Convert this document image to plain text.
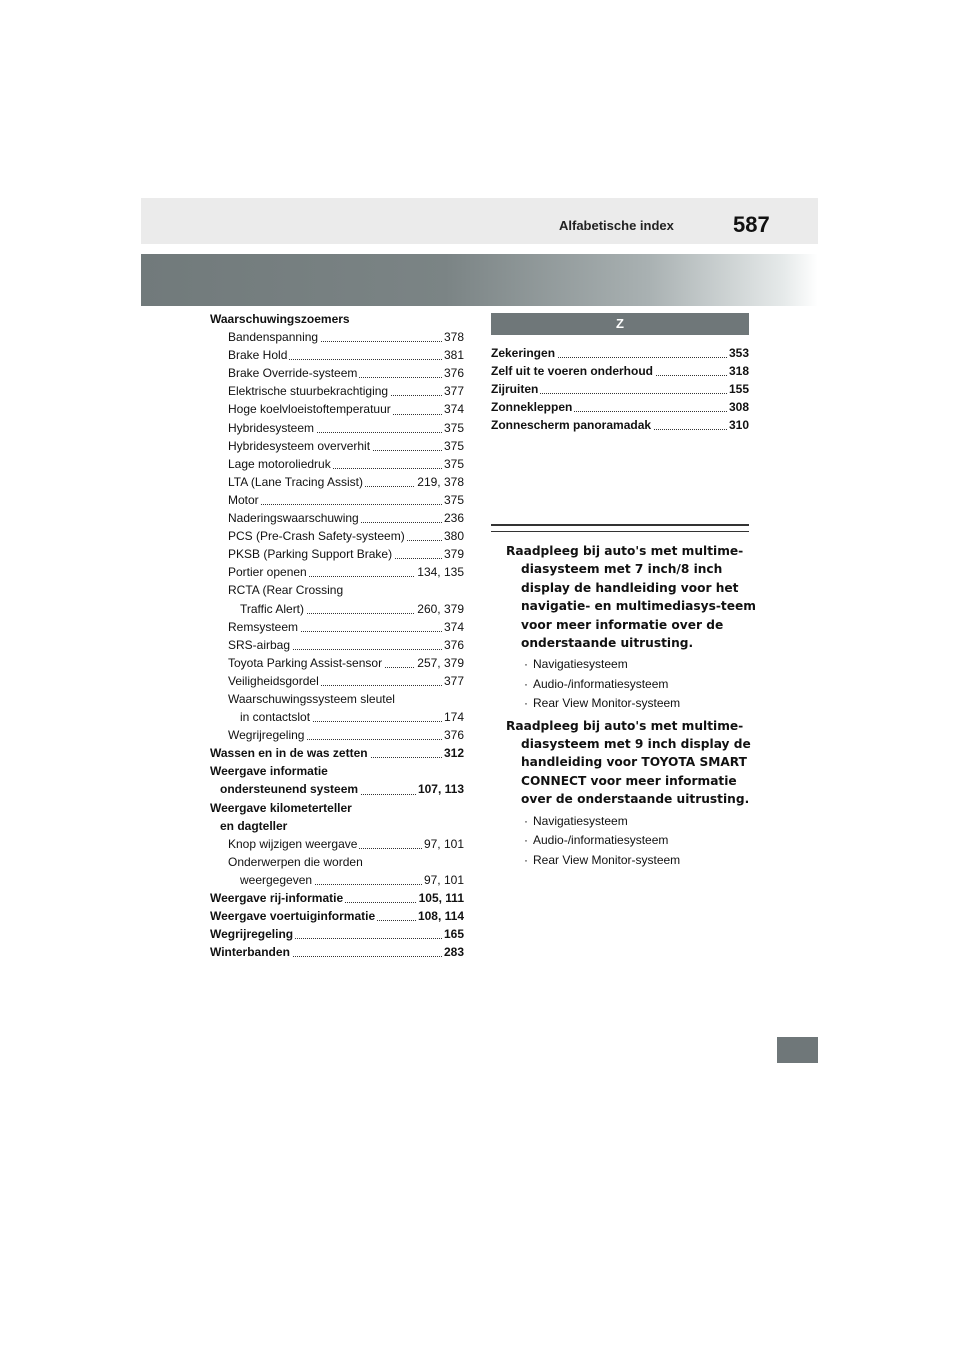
Alfabetische index	587
Waarschuwingszoemers
Bandenspanning	378
Brake Hold	381
Brake Override-systeem	376
Elektrische stuurbekrachtiging	377
Hoge koelvloeistoftemperatuur	374
Hybridesysteem	375
Hybridesysteem oververhit	375
Lage motoroliedruk	375
LTA (Lane Tracing Assist)	219, 378
Motor	375
Naderingswaarschuwing	236
PCS (Pre-Crash Safety-systeem)	380
PKSB (Parking Support Brake)	379
Portier openen	134, 135
RCTA (Rear Crossing
Traffic Alert)	260, 379
Remsysteem	374
SRS-airbag	376
Toyota Parking Assist-sensor	257, 379
Veiligheidsgordel	377
Waarschuwingssysteem sleutel
in contactslot	174
Wegrijregeling	376
Wassen en in de was zetten	312
Weergave informatie
ondersteunend systeem	107, 113
Weergave kilometerteller
en dagteller
Knop wijzigen weergave	97, 101
Onderwerpen die worden
weergegeven	97, 101
Weergave rij-informatie	105, 111
Weergave voertuiginformatie	108, 114
Wegrijregeling	165
Winterbanden	283
Z
Zekeringen	353
Zelf uit te voeren onderhoud	318
Zijruiten	155
Zonnekleppen	308
Zonnescherm panoramadak	310

Raadpleeg bij auto's met multime-diasysteem met 7 inch/8 inch display de handleiding voor het navigatie- en multimediasys-teem voor meer informatie over de onderstaande uitrusting.

· Navigatiesysteem
· Audio-/informatiesysteem
· Rear View Monitor-systeem

Raadpleeg bij auto's met multime-diasysteem met 9 inch display de handleiding voor TOYOTA SMART CONNECT voor meer informatie over de onderstaande uitrusting.

· Navigatiesysteem
· Audio-/informatiesysteem
· Rear View Monitor-systeem
